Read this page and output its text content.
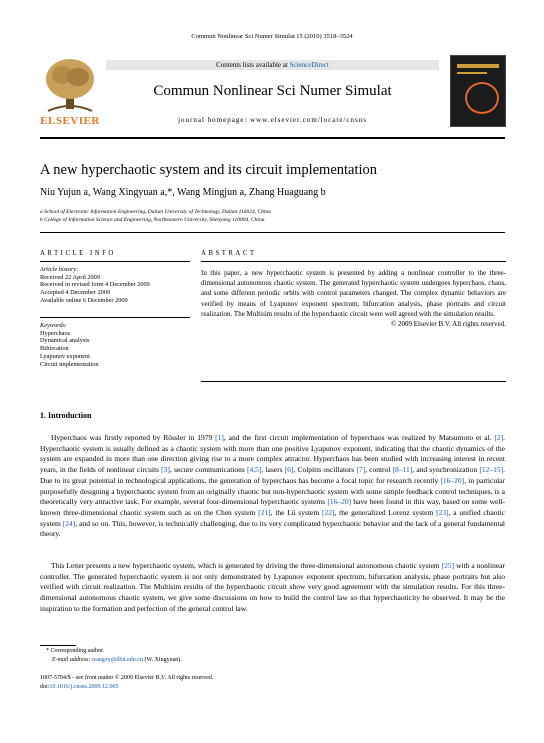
Commun Nonlinear Sci Numer Simulat 15 (2010) 3518–3524
ELSEVIER
Contents lists available at ScienceDirect
Commun Nonlinear Sci Numer Simulat
journal homepage: www.elsevier.com/locate/cnsns
A new hyperchaotic system and its circuit implementation
Niu Yujun a, Wang Xingyuan a,*, Wang Mingjun a, Zhang Huaguang b
a School of Electronic Information Engineering, Dalian University of Technology, Dalian 116024, China
b College of Information Science and Engineering, Northeastern University, Shenyang 110004, China
ARTICLE INFO
Article history:
Received 22 April 2009
Received in revised form 4 December 2009
Accepted 4 December 2009
Available online 6 December 2009
Keywords:
Hyperchaos
Dynamical analysis
Bifurcation
Lyapunov exponent
Circuit implementation
ABSTRACT
In this paper, a new hyperchaotic system is presented by adding a nonlinear controller to the three-dimensional autonomous chaotic system. The generated hyperchaotic system undergoes hyperchaos, chaos, and some different periodic orbits with control parameters changed. The complex dynamic behaviors are verified by means of Lyapunov exponent spectrum, bifurcation analysis, phase portraits and circuit realization. The Multisim results of the hyperchaotic circuit were well agreed with the simulation results.
© 2009 Elsevier B.V. All rights reserved.
1. Introduction
Hyperchaos was firstly reported by Rössler in 1979 [1], and the first circuit implementation of hyperchaos was realized by Matsumoto et al. [2]. Hyperchaotic system is usually defined as a chaotic system with more than one positive Lyapunov exponent, indicating that the chaotic dynamics of the system are expanded in more than one direction giving rise to a more complex attractor. Hyperchaos has been studied with increasing interest in recent years, in the fields of nonlinear circuits [3], secure communications [4,5], lasers [6], Colpitts oscillators [7], control [8–11], and synchronization [12–15]. Due to its great potential in technological applications, the generation of hyperchaos has become a focal topic for research recently [16–20], in particular purposefully designing a hyperchaotic system from an originally chaotic but non-hyperchaotic system with some simple feedback control techniques, is a theoretically very attractive task. For example, several four-dimensional hyperchaotic systems [16–20] have been found in this way, based on some well-known three-dimensional chaotic system such as on the Chen system [21], the Lü system [22], the generalized Lorenz system [23], a unified chaotic system [24], and so on. This, however, is technically challenging, due to its very complicated hyperchaotic behavior and the lack of a general fundamental theory.
This Letter presents a new hyperchaotic system, which is generated by driving the three-dimensional autonomous chaotic system [25] with a nonlinear controller. The generated hyperchaotic system is not only demonstrated by Lyapunov exponent spectrum, bifurcation analysis, phase portraits but also verified with circuit realization. The Multisim results of the hyperchaotic circuit show very good agreement with the simulation results. For this three-dimensional autonomous chaotic system, we give some discussions on how to build the control law so that hyperchaoticity be observed. It may be the inspiration to the formation and perfection of the general control law.
* Corresponding author.
E-mail address: wangxy@dlut.edu.cn (W. Xingyuan).
1007-5704/$ - see front matter © 2009 Elsevier B.V. All rights reserved.
doi:10.1016/j.cnsns.2009.12.005
